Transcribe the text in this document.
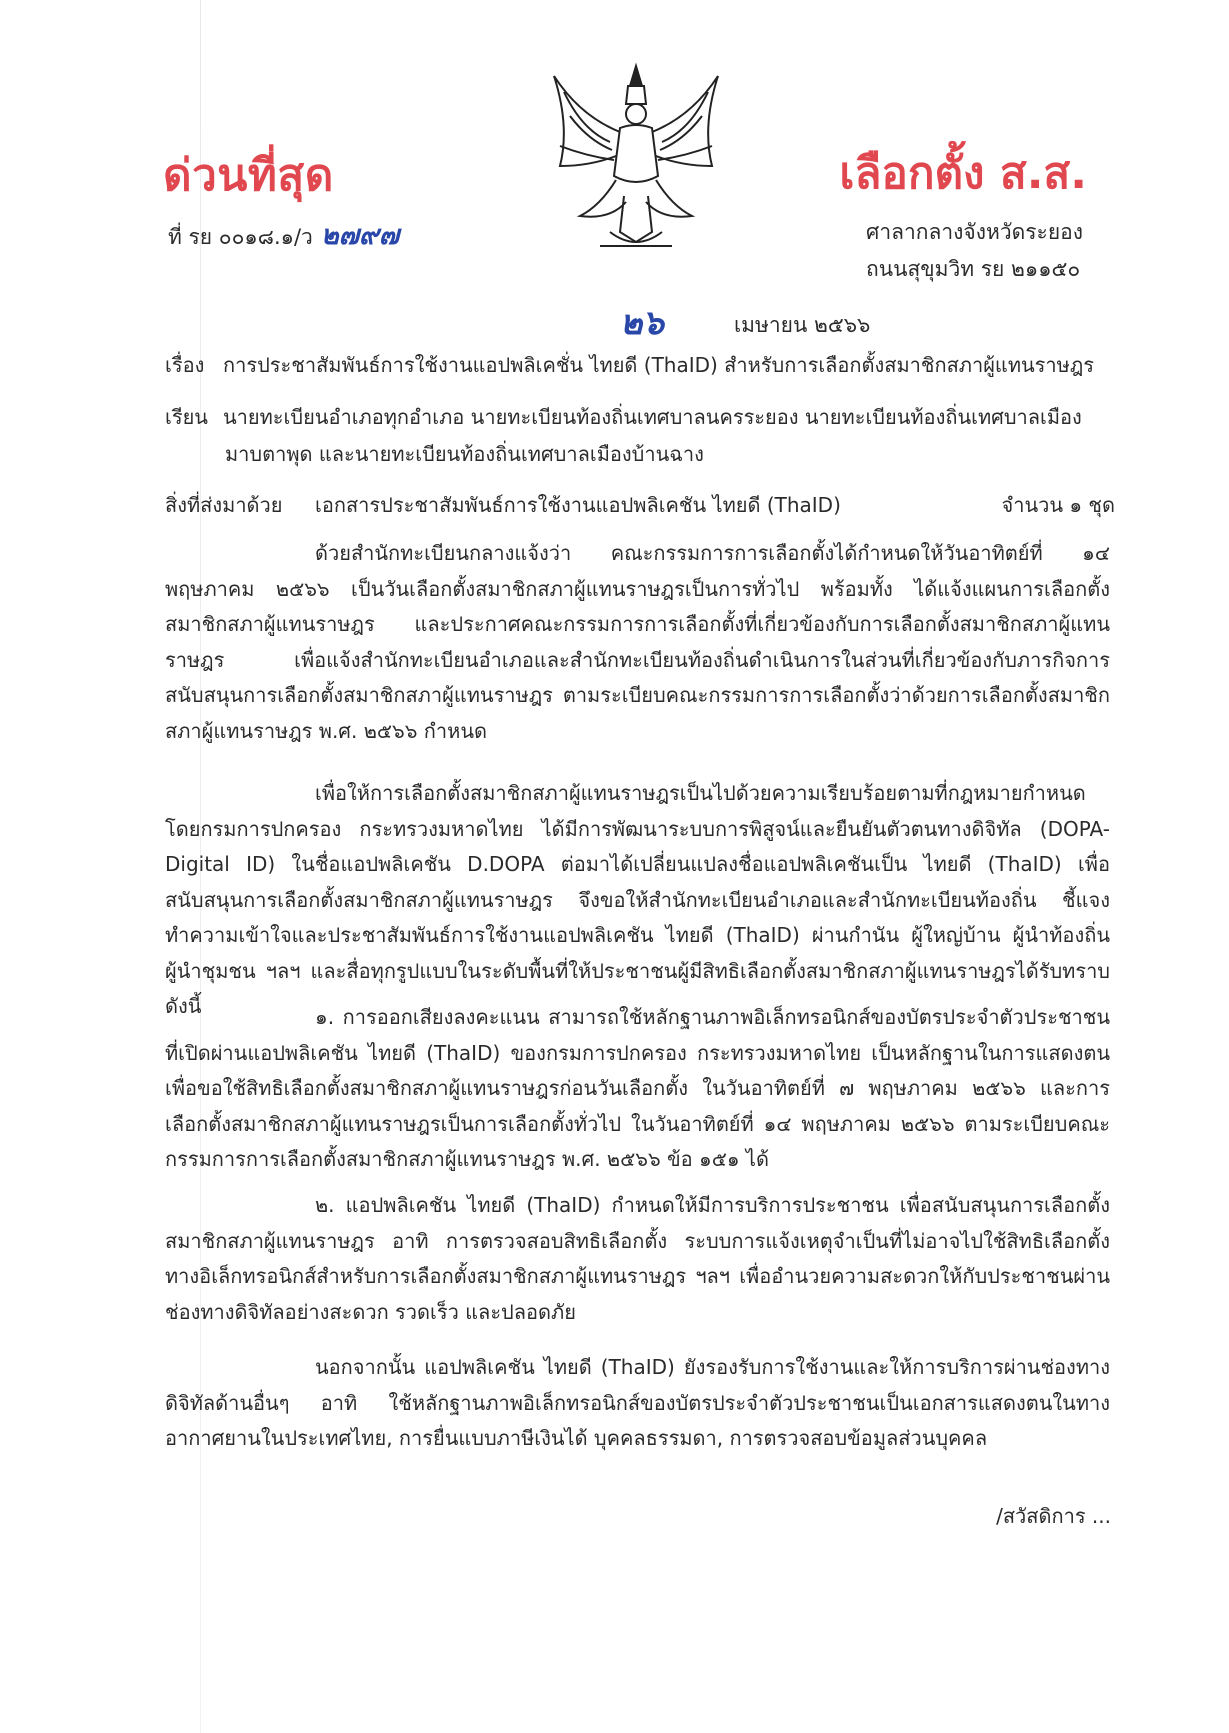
ด่วนที่สุด	เลือกตั้ง ส.ส.
ที่ รย ๐๐๑๘.๑/ว ๒๗๙๗	ศาลากลางจังหวัดระยอง
ถนนสุขุมวิท รย ๒๑๑๕๐
๒๖	เมษายน ๒๕๖๖
เรื่อง การประชาสัมพันธ์การใช้งานแอปพลิเคชั่น ไทยดี (ThaID) สำหรับการเลือกตั้งสมาชิกสภาผู้แทนราษฎร
เรียน นายทะเบียนอำเภอทุกอำเภอ นายทะเบียนท้องถิ่นเทศบาลนครระยอง นายทะเบียนท้องถิ่นเทศบาลเมือง
มาบตาพุด และนายทะเบียนท้องถิ่นเทศบาลเมืองบ้านฉาง
สิ่งที่ส่งมาด้วย เอกสารประชาสัมพันธ์การใช้งานแอปพลิเคชัน ไทยดี (ThaID)	จำนวน ๑ ชุด

ด้วยสำนักทะเบียนกลางแจ้งว่า คณะกรรมการการเลือกตั้งได้กำหนดให้วันอาทิตย์ที่ ๑๔ พฤษภาคม ๒๕๖๖ เป็นวันเลือกตั้งสมาชิกสภาผู้แทนราษฎรเป็นการทั่วไป พร้อมทั้ง ได้แจ้งแผนการเลือกตั้งสมาชิกสภาผู้แทนราษฎร และประกาศคณะกรรมการการเลือกตั้งที่เกี่ยวข้องกับการเลือกตั้งสมาชิกสภาผู้แทนราษฎร เพื่อแจ้งสำนักทะเบียนอำเภอและสำนักทะเบียนท้องถิ่นดำเนินการในส่วนที่เกี่ยวข้องกับภารกิจการสนับสนุนการเลือกตั้งสมาชิกสภาผู้แทนราษฎร ตามระเบียบคณะกรรมการการเลือกตั้งว่าด้วยการเลือกตั้งสมาชิกสภาผู้แทนราษฎร พ.ศ. ๒๕๖๖ กำหนด

เพื่อให้การเลือกตั้งสมาชิกสภาผู้แทนราษฎรเป็นไปด้วยความเรียบร้อยตามที่กฎหมายกำหนด โดยกรมการปกครอง กระทรวงมหาดไทย ได้มีการพัฒนาระบบการพิสูจน์และยืนยันตัวตนทางดิจิทัล (DOPA-Digital ID) ในชื่อแอปพลิเคชัน D.DOPA ต่อมาได้เปลี่ยนแปลงชื่อแอปพลิเคชันเป็น ไทยดี (ThaID) เพื่อสนับสนุนการเลือกตั้งสมาชิกสภาผู้แทนราษฎร จึงขอให้สำนักทะเบียนอำเภอและสำนักทะเบียนท้องถิ่น ชี้แจงทำความเข้าใจและประชาสัมพันธ์การใช้งานแอปพลิเคชัน ไทยดี (ThaID) ผ่านกำนัน ผู้ใหญ่บ้าน ผู้นำท้องถิ่น ผู้นำชุมชน ฯลฯ และสื่อทุกรูปแบบในระดับพื้นที่ให้ประชาชนผู้มีสิทธิเลือกตั้งสมาชิกสภาผู้แทนราษฎรได้รับทราบ ดังนี้	๑. การออกเสียงลงคะแนน สามารถใช้หลักฐานภาพอิเล็กทรอนิกส์ของบัตรประจำตัวประชาชนที่เปิดผ่านแอปพลิเคชัน ไทยดี (ThaID) ของกรมการปกครอง กระทรวงมหาดไทย เป็นหลักฐานในการแสดงตนเพื่อขอใช้สิทธิเลือกตั้งสมาชิกสภาผู้แทนราษฎรก่อนวันเลือกตั้ง ในวันอาทิตย์ที่ ๗ พฤษภาคม ๒๕๖๖ และการเลือกตั้งสมาชิกสภาผู้แทนราษฎรเป็นการเลือกตั้งทั่วไป ในวันอาทิตย์ที่ ๑๔ พฤษภาคม ๒๕๖๖ ตามระเบียบคณะกรรมการการเลือกตั้งสมาชิกสภาผู้แทนราษฎร พ.ศ. ๒๕๖๖ ข้อ ๑๕๑ ได้

๒. แอปพลิเคชัน ไทยดี (ThaID) กำหนดให้มีการบริการประชาชน เพื่อสนับสนุนการเลือกตั้งสมาชิกสภาผู้แทนราษฎร อาทิ การตรวจสอบสิทธิเลือกตั้ง ระบบการแจ้งเหตุจำเป็นที่ไม่อาจไปใช้สิทธิเลือกตั้งทางอิเล็กทรอนิกส์สำหรับการเลือกตั้งสมาชิกสภาผู้แทนราษฎร ฯลฯ เพื่ออำนวยความสะดวกให้กับประชาชนผ่านช่องทางดิจิทัลอย่างสะดวก รวดเร็ว และปลอดภัย

นอกจากนั้น แอปพลิเคชัน ไทยดี (ThaID) ยังรองรับการใช้งานและให้การบริการผ่านช่องทางดิจิทัลด้านอื่นๆ อาทิ ใช้หลักฐานภาพอิเล็กทรอนิกส์ของบัตรประจำตัวประชาชนเป็นเอกสารแสดงตนในทางอากาศยานในประเทศไทย, การยื่นแบบภาษีเงินได้ บุคคลธรรมดา, การตรวจสอบข้อมูลส่วนบุคคล

/สวัสดิการ ...
